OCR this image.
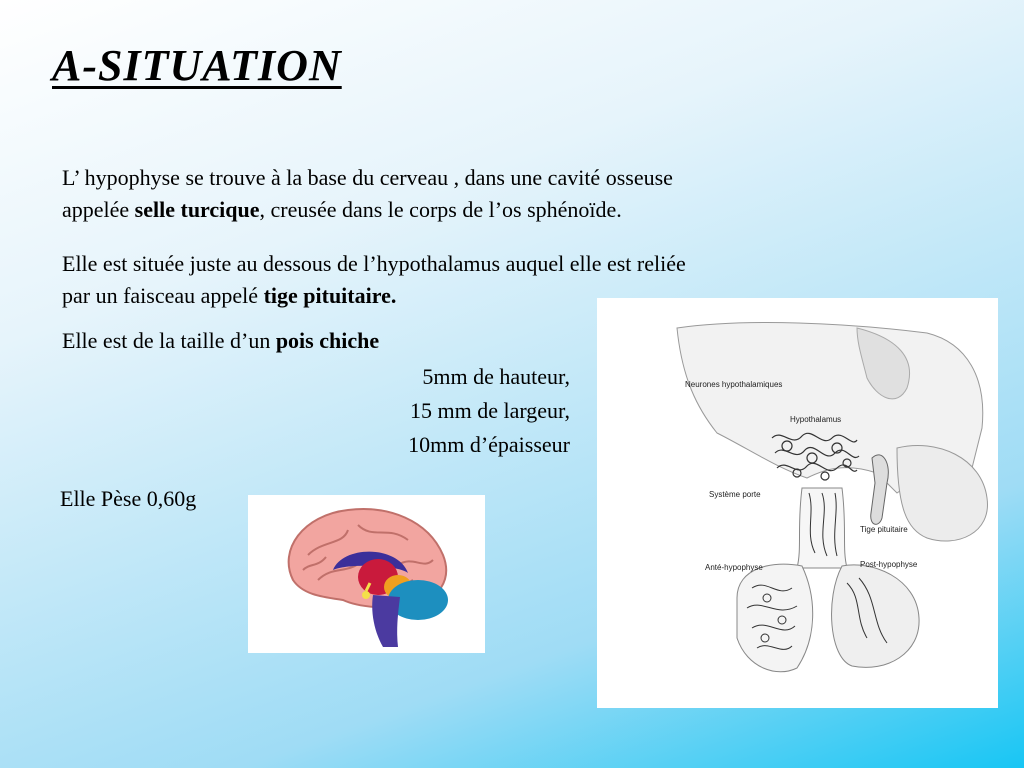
A-SITUATION
L’ hypophyse se trouve à la base du cerveau , dans une cavité osseuse
appelée selle turcique, creusée dans le corps de l’os sphénoïde.
Elle est située juste au dessous de l’hypothalamus auquel elle est reliée
par un faisceau appelé tige pituitaire.
Elle est de la taille d’un pois chiche
5mm de hauteur,
15 mm de largeur,
10mm d’épaisseur
Elle Pèse 0,60g
Neurones hypothalamiques
Hypothalamus
Système porte
Tige pituitaire
Anté-hypophyse	Post-hypophyse
